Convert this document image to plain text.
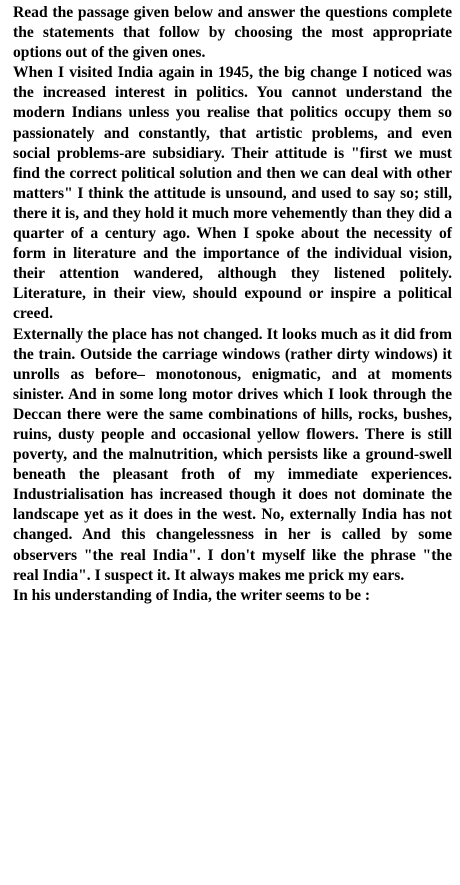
Read the passage given below and answer the questions complete the statements that follow by choosing the most appropriate options out of the given ones.

When I visited India again in 1945, the big change I noticed was the increased interest in politics. You cannot understand the modern Indians unless you realise that politics occupy them so passionately and constantly, that artistic problems, and even social problems-are subsidiary. Their attitude is "first we must find the correct political solution and then we can deal with other matters" I think the attitude is unsound, and used to say so; still, there it is, and they hold it much more vehemently than they did a quarter of a century ago. When I spoke about the necessity of form in literature and the importance of the individual vision, their attention wandered, although they listened politely. Literature, in their view, should expound or inspire a political creed.

Externally the place has not changed. It looks much as it did from the train. Outside the carriage windows (rather dirty windows) it unrolls as before– monotonous, enigmatic, and at moments sinister. And in some long motor drives which I look through the Deccan there were the same combinations of hills, rocks, bushes, ruins, dusty people and occasional yellow flowers. There is still poverty, and the malnutrition, which persists like a ground-swell beneath the pleasant froth of my immediate experiences. Industrialisation has increased though it does not dominate the landscape yet as it does in the west. No, externally India has not changed. And this changelessness in her is called by some observers "the real India". I don't myself like the phrase "the real India". I suspect it. It always makes me prick my ears.

In his understanding of India, the writer seems to be :
